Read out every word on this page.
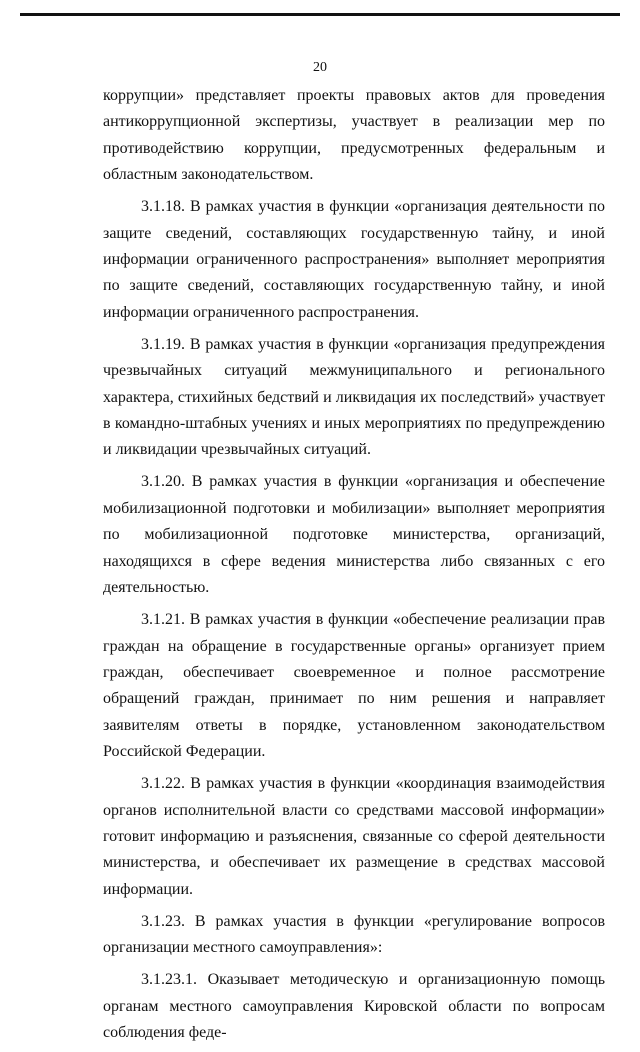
20

коррупции» представляет проекты правовых актов для проведения антикоррупционной экспертизы, участвует в реализации мер по противодействию коррупции, предусмотренных федеральным и областным законодательством.

3.1.18. В рамках участия в функции «организация деятельности по защите сведений, составляющих государственную тайну, и иной информации ограниченного распространения» выполняет мероприятия по защите сведений, составляющих государственную тайну, и иной информации ограниченного распространения.

3.1.19. В рамках участия в функции «организация предупреждения чрезвычайных ситуаций межмуниципального и регионального характера, стихийных бедствий и ликвидация их последствий» участвует в командно-штабных учениях и иных мероприятиях по предупреждению и ликвидации чрезвычайных ситуаций.

3.1.20. В рамках участия в функции «организация и обеспечение мобилизационной подготовки и мобилизации» выполняет мероприятия по мобилизационной подготовке министерства, организаций, находящихся в сфере ведения министерства либо связанных с его деятельностью.

3.1.21. В рамках участия в функции «обеспечение реализации прав граждан на обращение в государственные органы» организует прием граждан, обеспечивает своевременное и полное рассмотрение обращений граждан, принимает по ним решения и направляет заявителям ответы в порядке, установленном законодательством Российской Федерации.

3.1.22. В рамках участия в функции «координация взаимодействия органов исполнительной власти со средствами массовой информации» готовит информацию и разъяснения, связанные со сферой деятельности министерства, и обеспечивает их размещение в средствах массовой информации.

3.1.23. В рамках участия в функции «регулирование вопросов организации местного самоуправления»:

3.1.23.1. Оказывает методическую и организационную помощь органам местного самоуправления Кировской области по вопросам соблюдения феде-
